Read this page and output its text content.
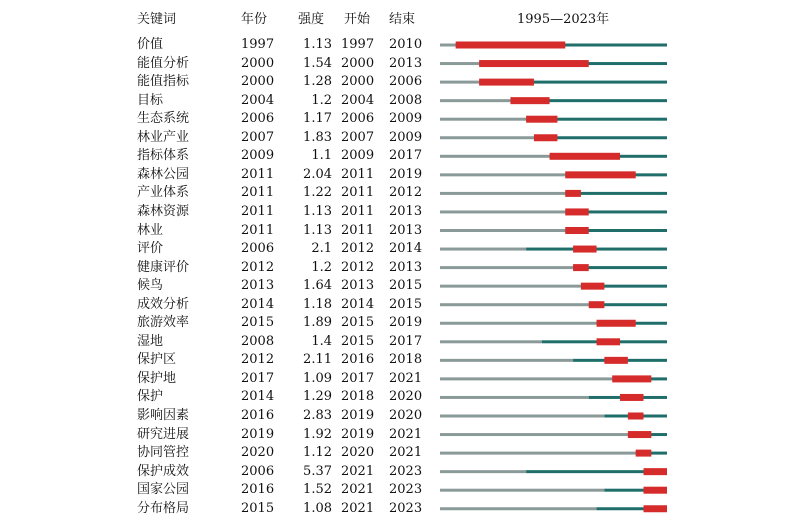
关键词	年份 强度 开始 结束	1995—2023年
价值	1997	1.13 1997 2010
能值分析	2000	1.54 2000 2013
能值指标	2000	1.28 2000 2006
目标	2004	1.2 2004 2008
生态系统	2006	1.17 2006 2009
林业产业	2007	1.83 2007 2009
指标体系	2009	1.1 2009 2017
森林公园	2011	2.04 2011 2019
产业体系	2011	1.22 2011 2012
森林资源	2011	1.13 2011 2013
林业	2011	1.13 2011 2013
评价	2006	2.1 2012 2014
健康评价	2012	1.2 2012 2013
候鸟	2013	1.64 2013 2015
成效分析	2014	1.18 2014 2015
旅游效率	2015	1.89 2015 2019
湿地	2008	1.4 2015 2017
保护区	2012	2.11 2016 2018
保护地	2017	1.09 2017 2021
保护	2014	1.29 2018 2020
影响因素	2016	2.83 2019 2020
研究进展	2019	1.92 2019 2021
协同管控	2020	1.12 2020 2021
保护成效	2006	5.37 2021 2023
国家公园	2016	1.52 2021 2023
分布格局	2015	1.08 2021 2023
